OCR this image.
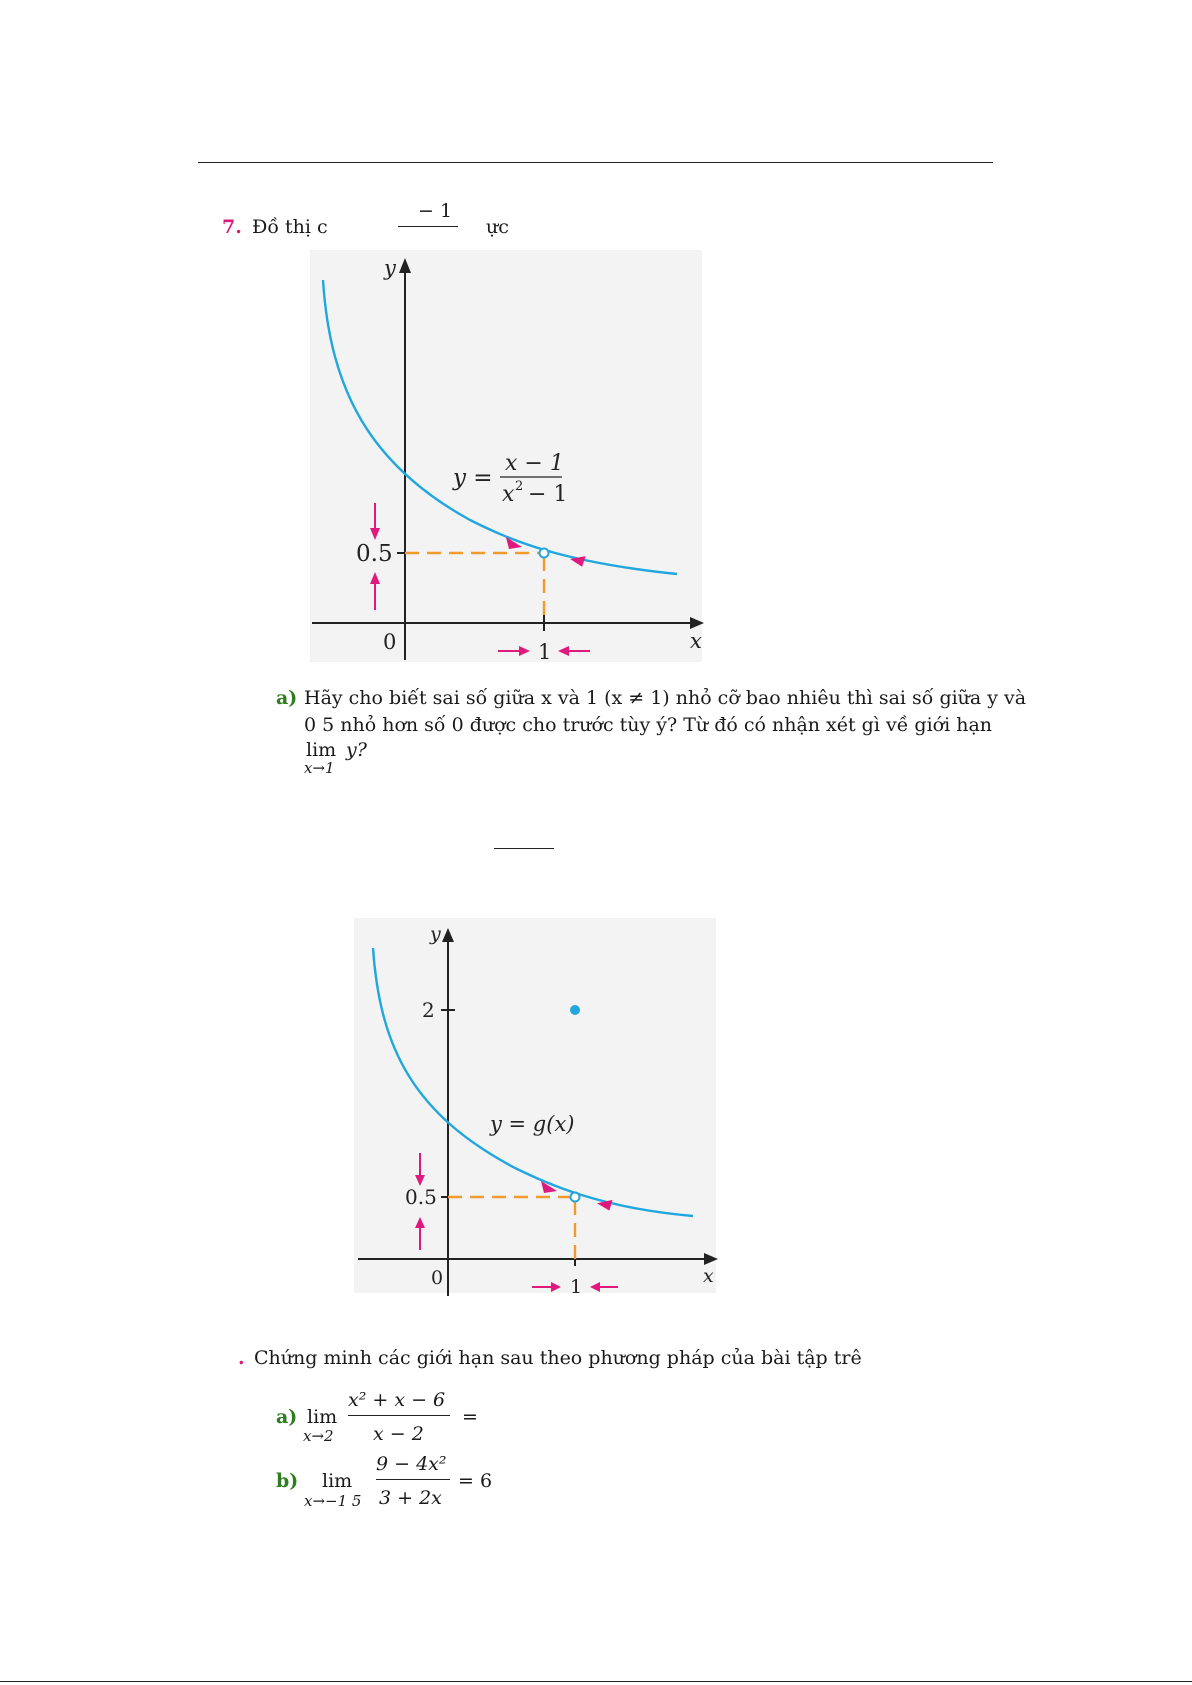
7. Đồ thị c
− 1
ực
y
x
0
0.5
1
y =
x − 1
x 2 − 1
a) Hãy cho biết sai số giữa x và 1 (x ≠ 1) nhỏ cỡ bao nhiêu thì sai số giữa y và
0 5 nhỏ hơn số 0 được cho trước tùy ý? Từ đó có nhận xét gì về giới hạn
lim
x→1
y?
y
x
0
2
0.5
1
y = g(x)
. Chứng minh các giới hạn sau theo phương pháp của bài tập trê
a) lim
x→2
x² + x − 6
x − 2
=
b) lim
x→−1 5
9 − 4x²
3 + 2x
= 6
